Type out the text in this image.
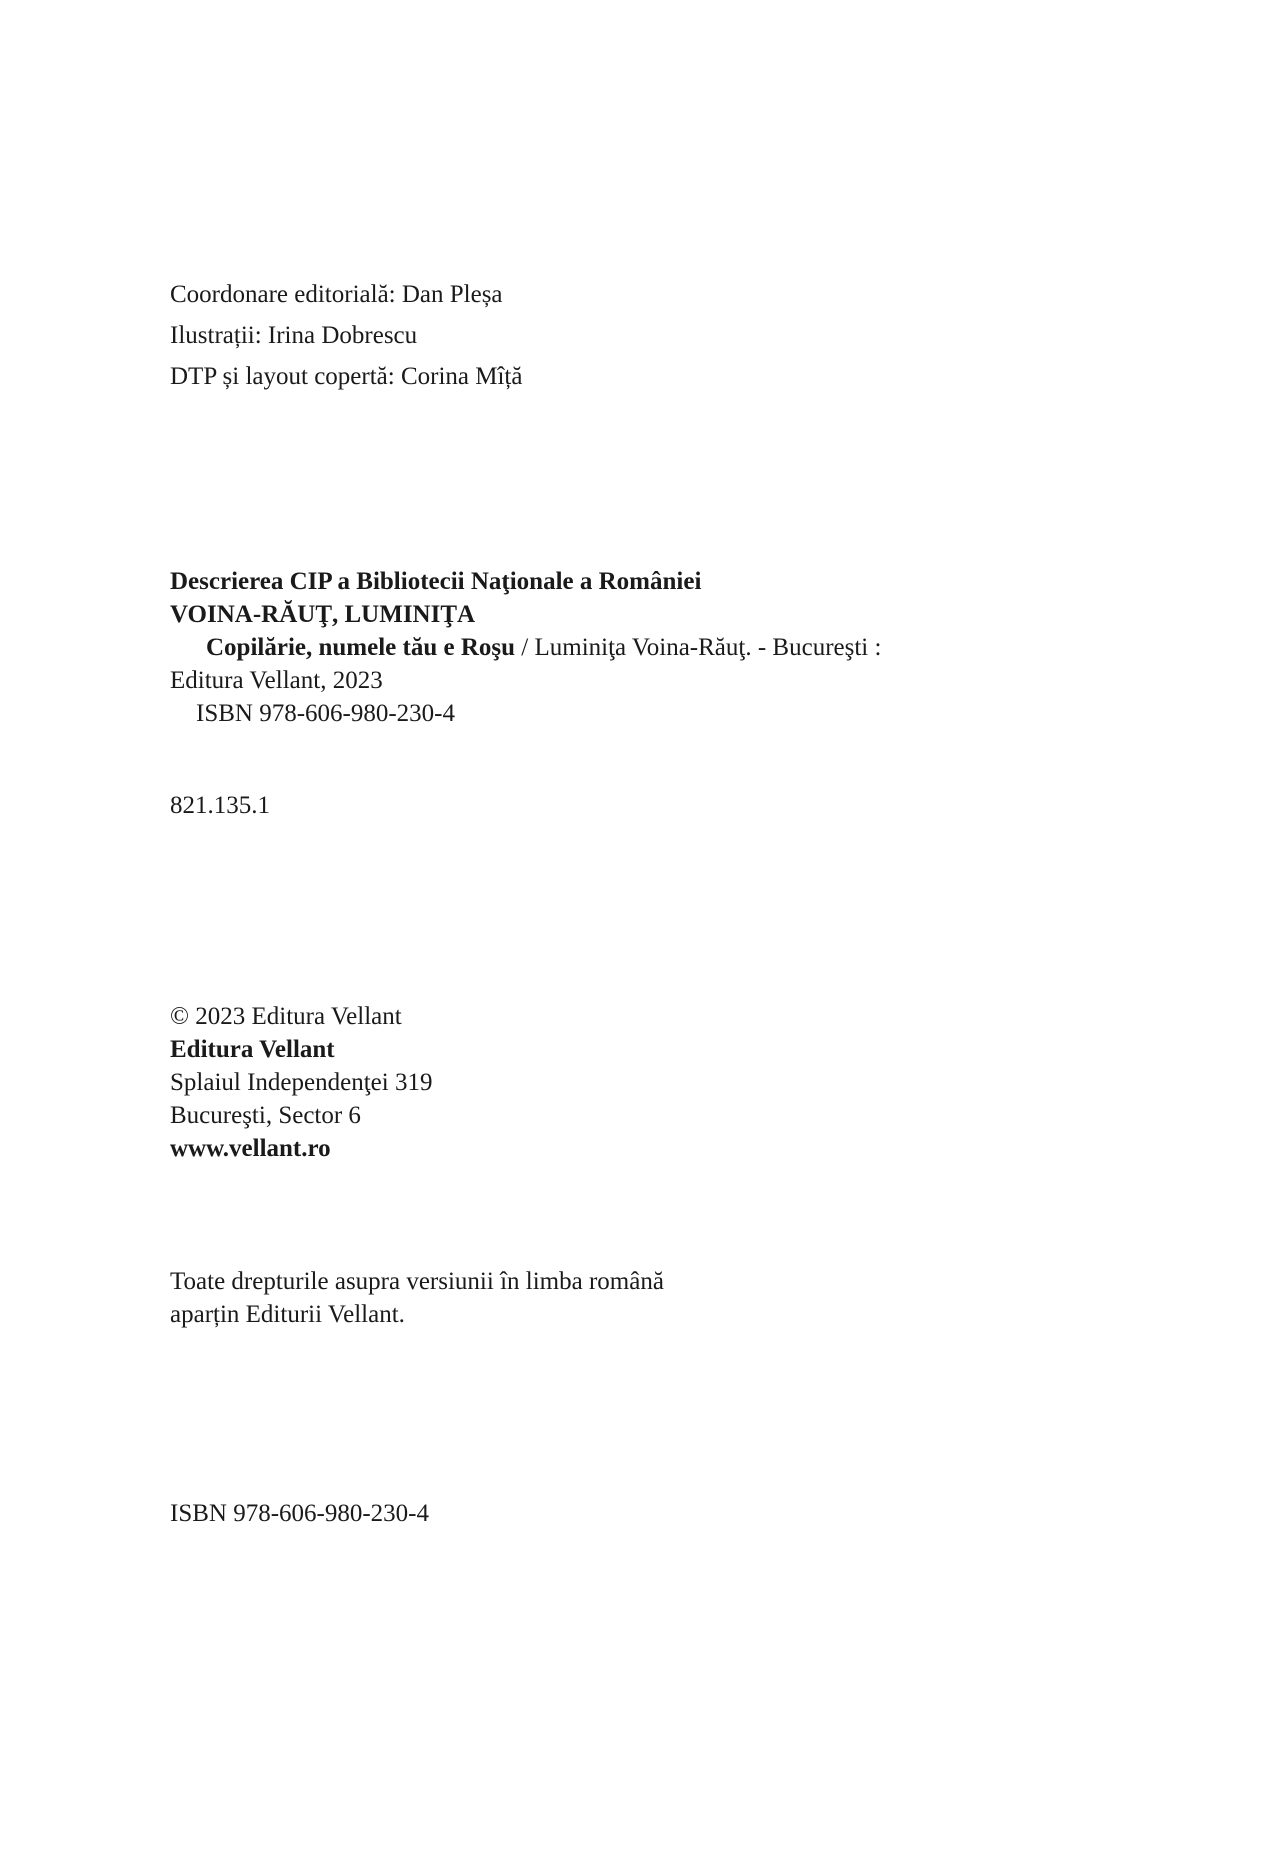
Coordonare editorială: Dan Pleșa
Ilustrații: Irina Dobrescu
DTP și layout copertă: Corina Mîță
Descrierea CIP a Bibliotecii Naţionale a României
VOINA-RĂUŢ, LUMINIŢA
Copilărie, numele tău e Roşu / Luminiţa Voina-Răuţ. - Bucureşti :
Editura Vellant, 2023
ISBN 978-606-980-230-4
821.135.1
© 2023 Editura Vellant
Editura Vellant
Splaiul Independenţei 319
Bucureşti, Sector 6
www.vellant.ro
Toate drepturile asupra versiunii în limba română
aparțin Editurii Vellant.
ISBN 978-606-980-230-4
